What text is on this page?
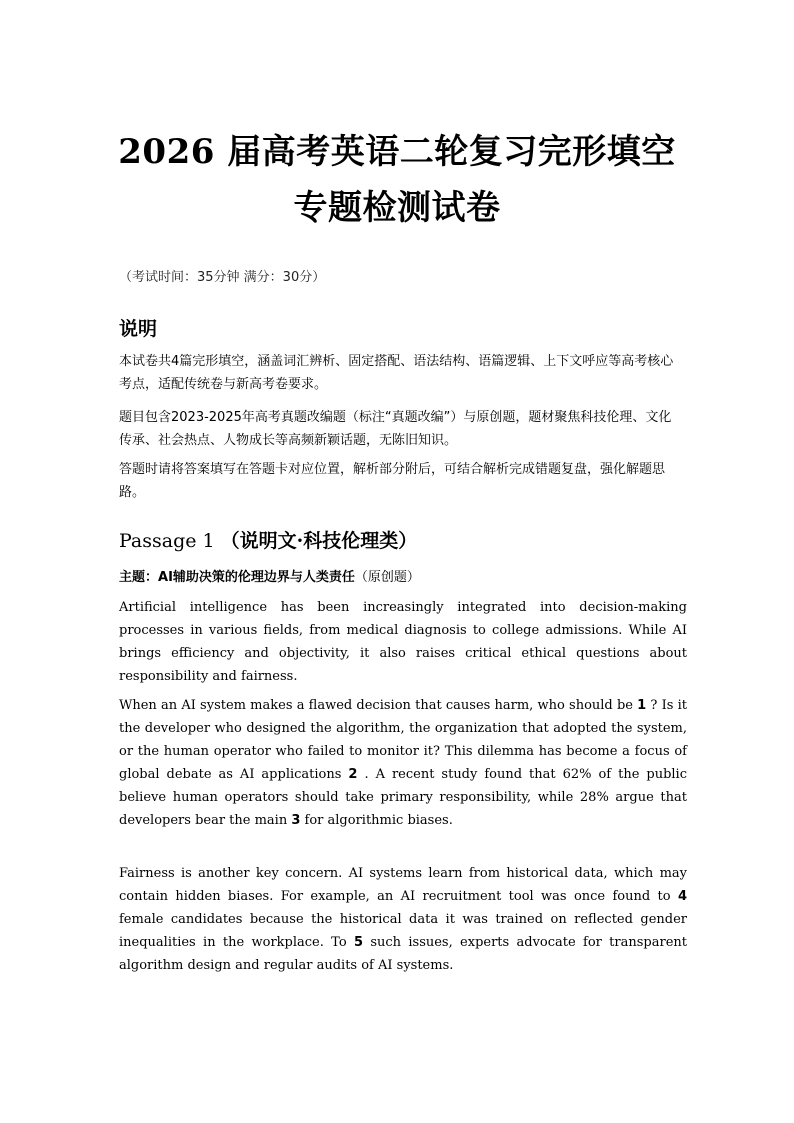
2026 届高考英语二轮复习完形填空
专题检测试卷
（考试时间：35分钟 满分：30分）
说明

本试卷共4篇完形填空，涵盖词汇辨析、固定搭配、语法结构、语篇逻辑、上下文呼应等高考核心考点，适配传统卷与新高考卷要求。

题目包含2023-2025年高考真题改编题（标注“真题改编”）与原创题，题材聚焦科技伦理、文化传承、社会热点、人物成长等高频新颖话题，无陈旧知识。

答题时请将答案填写在答题卡对应位置，解析部分附后，可结合解析完成错题复盘，强化解题思路。

Passage 1 （说明文·科技伦理类）
主题：AI辅助决策的伦理边界与人类责任（原创题）

Artificial intelligence has been increasingly integrated into decision-making processes in various fields, from medical diagnosis to college admissions. While AI brings efficiency and objectivity, it also raises critical ethical questions about responsibility and fairness.

When an AI system makes a flawed decision that causes harm, who should be 1 ? Is it the developer who designed the algorithm, the organization that adopted the system, or the human operator who failed to monitor it? This dilemma has become a focus of global debate as AI applications 2 . A recent study found that 62% of the public believe human operators should take primary responsibility, while 28% argue that developers bear the main 3 for algorithmic biases.

Fairness is another key concern. AI systems learn from historical data, which may contain hidden biases. For example, an AI recruitment tool was once found to 4 female candidates because the historical data it was trained on reflected gender inequalities in the workplace. To 5 such issues, experts advocate for transparent algorithm design and regular audits of AI systems.
